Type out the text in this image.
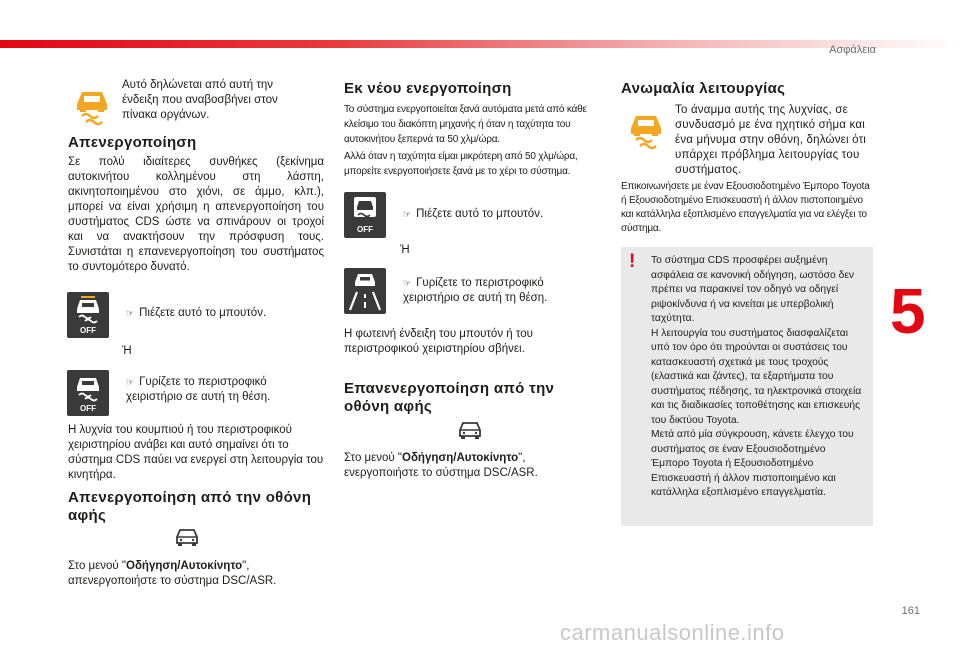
Ασφάλεια
161
5
carmanualsonline.info
Αυτό δηλώνεται από αυτή την ένδειξη που αναβοσβήνει στον πίνακα οργάνων.
Απενεργοποίηση
Σε πολύ ιδιαίτερες συνθήκες (ξεκίνημα αυτοκινήτου κολλημένου στη λάσπη, ακινητοποιημένου στο χιόνι, σε άμμο, κλπ.), μπορεί να είναι χρήσιμη η απενεργοποίηση του συστήματος CDS ώστε να σπινάρουν οι τροχοί και να ανακτήσουν την πρόσφυση τους. Συνιστάται η επανενεργοποίηση του συστήματος το συντομότερο δυνατό.
OFF
☞  Πιέζετε αυτό το μπουτόν.
Ή
OFF
☞  Γυρίζετε το περιστροφικό χειριστήριο σε αυτή τη θέση.
Η λυχνία του κουμπιού ή του περιστροφικού χειριστηρίου ανάβει και αυτό σημαίνει ότι το σύστημα CDS παύει να ενεργεί στη λειτουργία του κινητήρα.
Απενεργοποίηση από την οθόνη αφής
Στο μενού "Οδήγηση/Αυτοκίνητο",
απενεργοποιήστε το σύστημα DSC/ASR.
Εκ νέου ενεργοποίηση
Το σύστημα ενεργοποιείται ξανά αυτόματα μετά από κάθε κλείσιμο του διακόπτη μηχανής ή όταν η ταχύτητα του αυτοκινήτου ξεπερνά τα 50 χλμ/ώρα.
Αλλά όταν η ταχύτητα είμαι μικρότερη από 50 χλμ/ώρα, μπορείτε ενεργοποιήσετε ξανά με το χέρι το σύστημα.
OFF
☞  Πιέζετε αυτό το μπουτόν.
Ή
☞  Γυρίζετε το περιστροφικό χειριστήριο σε αυτή τη θέση.
Η φωτεινή ένδειξη του μπουτόν ή του περιστροφικού χειριστηρίου σβήνει.
Επανενεργοποίηση από την οθόνη αφής
Στο μενού "Οδήγηση/Αυτοκίνητο",
ενεργοποιήστε το σύστημα DSC/ASR.
Ανωμαλία λειτουργίας
Το άναμμα αυτής της λυχνίας, σε συνδυασμό με ένα ηχητικό σήμα και ένα μήνυμα στην οθόνη, δηλώνει ότι υπάρχει πρόβλημα λειτουργίας του συστήματος.
Επικοινωνήσετε με έναν Εξουσιοδοτημένο Έμπορο Toyota ή Εξουσιοδοτημένο Επισκευαστή ή άλλον πιστοποιημένο και κατάλληλα εξοπλισμένο επαγγελματία για να ελέγξει το σύστημα.
! Το σύστημα CDS προσφέρει αυξημένη ασφάλεια σε κανονική οδήγηση, ωστόσο δεν πρέπει να παρακινεί τον οδηγό να οδηγεί ριψοκίνδυνα ή να κινείται με υπερβολική ταχύτητα.
Η λειτουργία του συστήματος διασφαλίζεται υπό τον όρο ότι τηρούνται οι συστάσεις του κατασκευαστή σχετικά με τους τροχούς (ελαστικά και ζάντες), τα εξαρτήματα του συστήματος πέδησης, τα ηλεκτρονικά στοιχεία και τις διαδικασίες τοποθέτησης και επισκευής του δικτύου Toyota.
Μετά από μία σύγκρουση, κάνετε έλεγχο του συστήματος σε έναν Εξουσιοδοτημένο Έμπορο Toyota ή Εξουσιοδοτημένο Επισκευαστή ή άλλον πιστοποιημένο και κατάλληλα εξοπλισμένο επαγγελματία.
